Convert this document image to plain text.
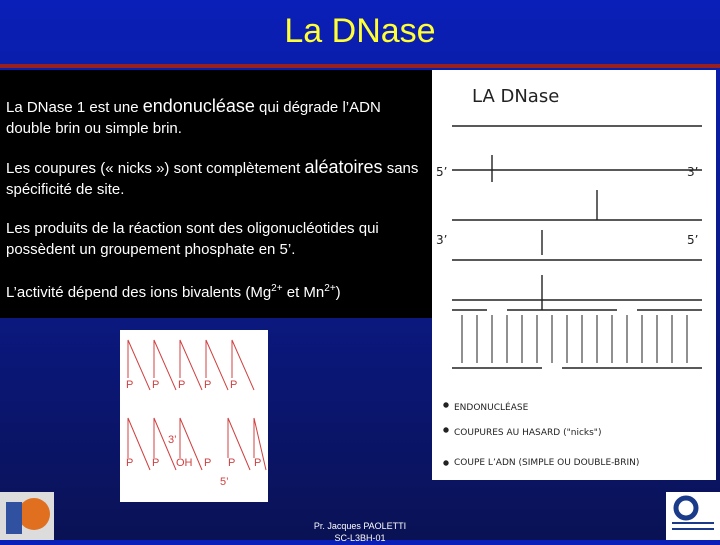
La DNase

La DNase 1 est une endonucléase qui dégrade l’ADN double brin ou simple brin.

Les coupures (« nicks ») sont complètement aléatoires sans spécificité de site.

Les produits de la réaction sont des oligonucléotides qui possèdent un groupement phosphate en 5’.

L’activité dépend des ions bivalents ($Mg^{2+}$ et $Mn^{2+}$)

LA DNase
5’	3’
3’	5’
ENDONUCLÉASE
COUPURES AU HASARD ("nicks")
COUPE L’ADN (SIMPLE OU DOUBLE-BRIN)
P P P P P
3’
P P OH P P P
5’
Pr. Jacques PAOLETTI
SC-L3BH-01
